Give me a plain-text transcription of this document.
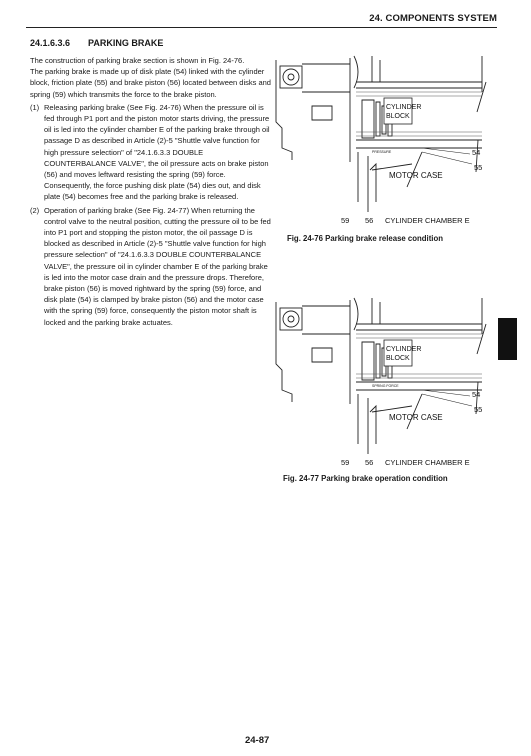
24. COMPONENTS SYSTEM
24.1.6.3.6 PARKING BRAKE

The construction of parking brake section is shown in Fig. 24-76.

The parking brake is made up of disk plate (54) linked with the cylinder block, friction plate (55) and brake piston (56) located between disks and spring (59) which transmits the force to the brake piston.

(1) Releasing parking brake (See Fig. 24-76) When the pressure oil is fed through P1 port and the piston motor starts driving, the pressure oil is led into the cylinder chamber E of the parking brake through oil passage D as described in Article (2)-5 "Shuttle valve function for high pressure selection" of "24.1.6.3.3 DOUBLE COUNTERBALANCE VALVE", the oil pressure acts on brake piston (56) and moves leftward resisting the spring (59) force. Consequently, the force pushing disk plate (54) dies out, and disk plate (54) becomes free and the parking brake is released.
(2) Operation of parking brake (See Fig. 24-77) When returning the control valve to the neutral position, cutting the pressure oil to be fed into P1 port and stopping the piston motor, the oil passage D is blocked as described in Article (2)-5 "Shuttle valve function for high pressure selection" of "24.1.6.3.3 DOUBLE COUNTERBALANCE VALVE", the pressure oil in cylinder chamber E of the parking brake is led into the motor case drain and the pressure drops. Therefore, brake piston (56) is moved rightward by the spring (59) force, and disk plate (54) is clamped by brake piston (56) and the motor case with the spring (59) force, consequently the piston motor shaft is locked and the parking brake actuates.
CYLINDER
BLOCK
PRESSURE
MOTOR CASE
54
55
59 56 CYLINDER CHAMBER E
Fig. 24-76 Parking brake release condition
CYLINDER
BLOCK
SPRING FORCE
MOTOR CASE
54
55
59 56 CYLINDER CHAMBER E
Fig. 24-77 Parking brake operation condition
24-87
